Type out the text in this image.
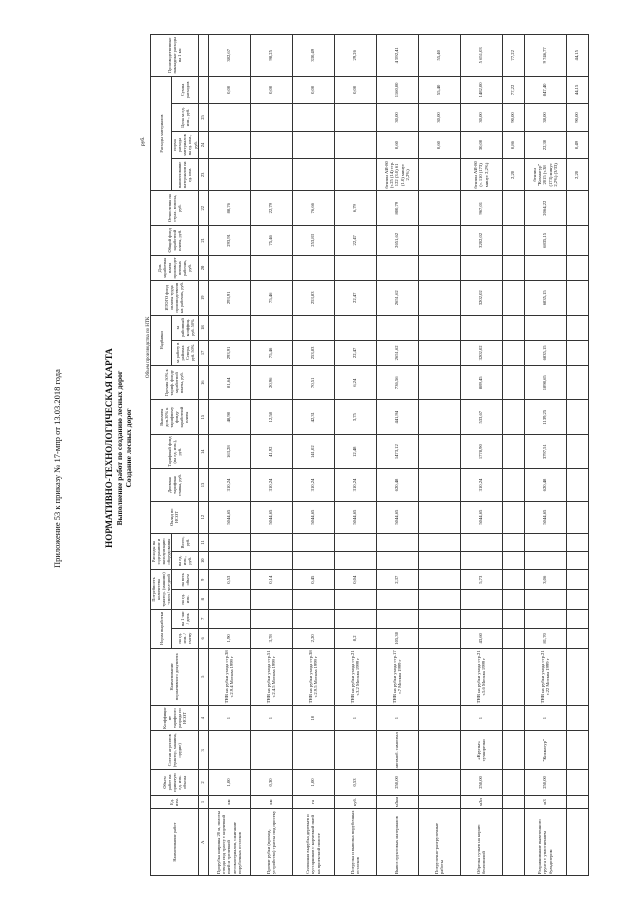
Приложение 53 к приказу № 17-мпр от 13.03.2018 года	НОРМАТИВНО-ТЕХНОЛОГИЧЕСКАЯ КАРТА Выполнение работ по созданию лесных дорог Создание лесных дорог
руб.
Объем производства по НТК
Наименование работ	Ед. изм.	Объем работ на принятую ед. изм. объема	Состав агрегатов (трактор, машина, орудие)	Коэффициент тарифного разряда по НСОТ	Наименование нормативного документа	Норма выработки		Потребность количества трактор. (машино) -смен / чел-дней		Расходы на содержание и эксплуатацию оборудования		Оклад по НСОТ	Дневная тарифная ставка, руб.	Тарифный фонд (на ед. изм.), руб.	Выплаты доп.30% к тарифному фонду заработной платы	Премия 50% к тариф. фонду заработной платы, руб.	Надбавки		ИТОГО фонд оплаты труда производственных рабочих, руб.	Доп. заработная плата производственных рабочих, руб.	Общий фонд заработной платы, руб.	Отчисления на страх. взносы, руб.	Расходы материалов				Производственные накладные расходы на 1 км
						на ед. изм. / смену	на 1 час / день	на ед. изм.	на весь объем	на ед. изм., руб.	Всего, руб.						за работу в районах Севера, руб. 50%	за районный коэффиц. руб. 50%					наименование материалов на ед. изм.	норма расхода материалов на ед. изм., руб.	Цена за ед. изм., руб.	Сумма расходов	
А	1	2	3	4	5	6	7	8	9	10	11	12	13	14	15	16	17	18	19	20	21	22	23	24	25		
Прорубка ширины 20 м, полосы отвода под трассу с корчевкой пней и трелевкой лесоматериалов, сжигание порубочных остатков	км	1,00		1	ТНВ на рубки ухода стр.38 т.2.9.4 Москва 1999 г	1,90			0,53			5044,65	310,24	163,28	48,98	81,64	293,91		293,91		293,91	88,76				0,00	382,67
Прочие рубки (проход, устройство) трассы под просеку	км	0,30		1	ТНВ на рубки ухода стр.51 т.2.4.5 Москва 1999 г	3,78			0,14			5044,65	310,24	41,92	12,58	20,96	75,46		75,46		75,46	22,79				0,00	98,25
Сплошная вырубка деревьев и кустарников с корчевкой пней на проектной полосе	га	1,00		10	ТНВ на рубки ухода стр.38 т.2.9.5 Москва 1999 г	2,20			0,45			5044,65	310,24	141,02	42,31	70,51	253,83		253,83		253,83	76,66				0,00	330,49
Погрузка и вывозка порубочных остатков	куб.	0,53		1	ТНВ на рубки ухода стр.21 т.3.2 Москва 1999 г	8,2			0,04			5044,65	310,24	12,48	3,75	6,24	22,47		22,47		22,47	6,79				0,00	29,26
Вывоз грунтовых материалов	м3км	250,00	автомоб. самосвал	1	ТНВ на рубки ухода стр.17 т.7 Москва 1999 г	105,30			2,37			5044,65	620,48	1473,12	441,94	736,56	2651,62		2651,62		2651,62	800,79	бензин АИ-80 (т.25 (14) стр. 122 (3.0) 61 (1.0) минус 2,2%)	0,60	30,00	1160,00	4 592,41
Погрузочно-разгрузочные работы																								0,60	30,00	55,40	55,40
Обрезка сучьев на корню бензопилой	м3п	250,00	«Крупье» сучкорезки	1	ТНВ на рубки ухода стр.21 т.5.6 Москва 1999 г	43,60			5,73			5044,65	310,24	1778,90	533,67	889,45	3202,02		3202,02		3202,02	967,01	бензин АИ-80 (т. 110 (173) минус 2,2%)	30,00	30,00	1482,00	5 651,03
																							2,20	0,86	90,00	77,22	77,22
Разравнивание вывезенного грунта с уплотнением бульдозером	м3	250,00	"Кохматур"	1	ТНВ на рубки ухода стр.21 т.22 Москва 1999 г	81,70			3,06			5044,65	620,48	3797,51	1139,25	1898,65	6835,15		6835,15		6835,15	2064,22	бензин "Кохматур" 2015 (т.38 (173) минус 2,2%) (3/33)	22,30	38,00	847,40	9 746,77
																							2,20	0,49	90,00	44,15	44,15
